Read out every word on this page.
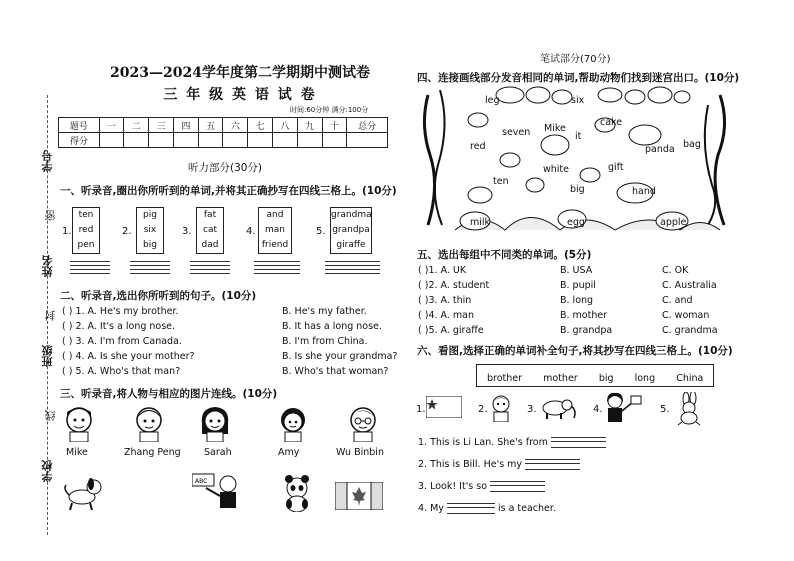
学号
姓名
班级
学校
密
封
线
2023—2024学年度第二学期期中测试卷
三 年 级 英 语 试 卷
时间:60分钟 满分:100分
题号	一	二	三	四	五	六	七	八	九	十	总分
得分											
听力部分(30分)
一、听录音,圈出你所听到的单词,并将其正确抄写在四线三格上。(10分)
1.
ten
red
pen
2.
pig
six
big
3.
fat
cat
dad
4.
and
man
friend
5.
grandma
grandpa
giraffe
二、听录音,选出你所听到的句子。(10分)
( ) 1. A. He's my brother.	B. He's my father.
( ) 2. A. It's a long nose.	B. It has a long nose.
( ) 3. A. I'm from Canada.	B. I'm from China.
( ) 4. A. Is she your mother?	B. Is she your grandma?
( ) 5. A. Who's that man?	B. Who's that woman?
三、听录音,将人物与相应的图片连线。(10分)
Mike	Zhang Peng Sarah	Amy	Wu Binbin
ABC
笔试部分(70分)
四、连接画线部分发音相同的单词,帮助动物们找到迷宫出口。(10分)
leg	six
cake
seven Mike
it
red	panda bag
white	gift
ten
big	hand
milk	egg	apple
五、选出每组中不同类的单词。(5分)
( )1. A. UK	B. USA	C. OK
( )2. A. student	B. pupil	C. Australia
( )3. A. thin	B. long	C. and
( )4. A. man	B. mother	C. woman
( )5. A. giraffe	B. grandpa	C. grandma
六、看图,选择正确的单词补全句子,将其抄写在四线三格上。(10分)
brother mother big long China
1.	2.	3.	4.	5.
1. This is Li Lan. She's from
2. This is Bill. He's my
3. Look! It's so
4. My	is a teacher.
